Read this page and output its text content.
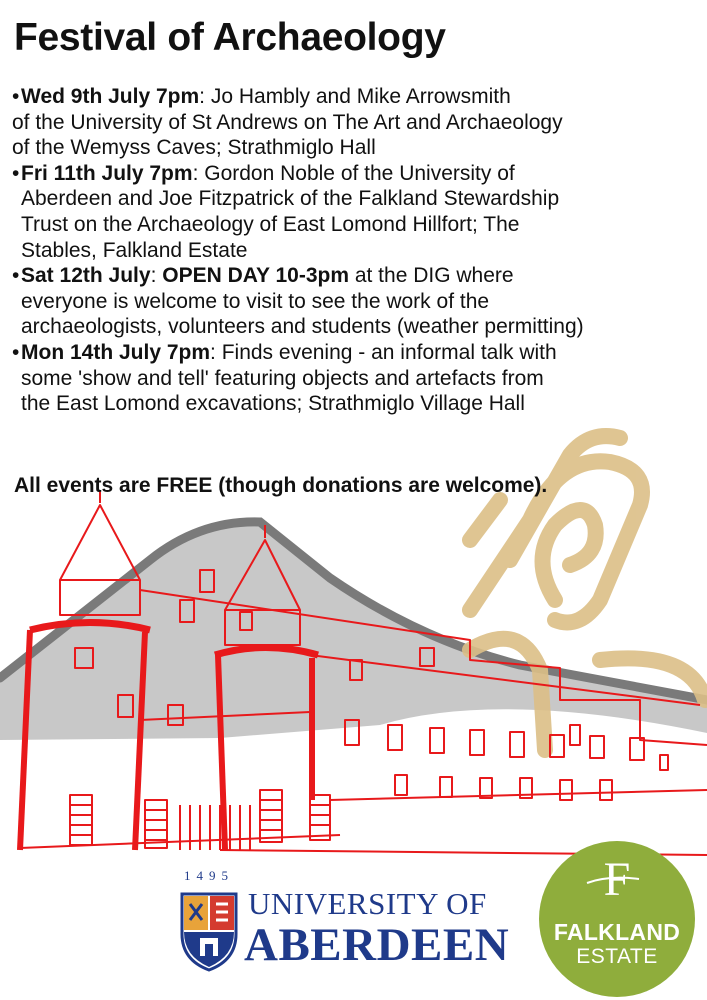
Festival of Archaeology
• Wed 9th July 7pm: Jo Hambly and Mike Arrowsmith
of the University of St Andrews on The Art and Archaeology
of the Wemyss Caves; Strathmiglo Hall
• Fri 11th July 7pm: Gordon Noble of the University of
Aberdeen and Joe Fitzpatrick of the Falkland Stewardship
Trust on the Archaeology of East Lomond Hillfort; The
Stables, Falkland Estate
• Sat 12th July: OPEN DAY 10-3pm at the DIG where
everyone is welcome to visit to see the work of the
archaeologists, volunteers and students (weather permitting)
• Mon 14th July 7pm: Finds evening - an informal talk with
some 'show and tell' featuring objects and artefacts from
the East Lomond excavations; Strathmiglo Village Hall

All events are FREE (though donations are welcome).

1495
UNIVERSITY OF
ABERDEEN
F
FALKLAND
ESTATE
